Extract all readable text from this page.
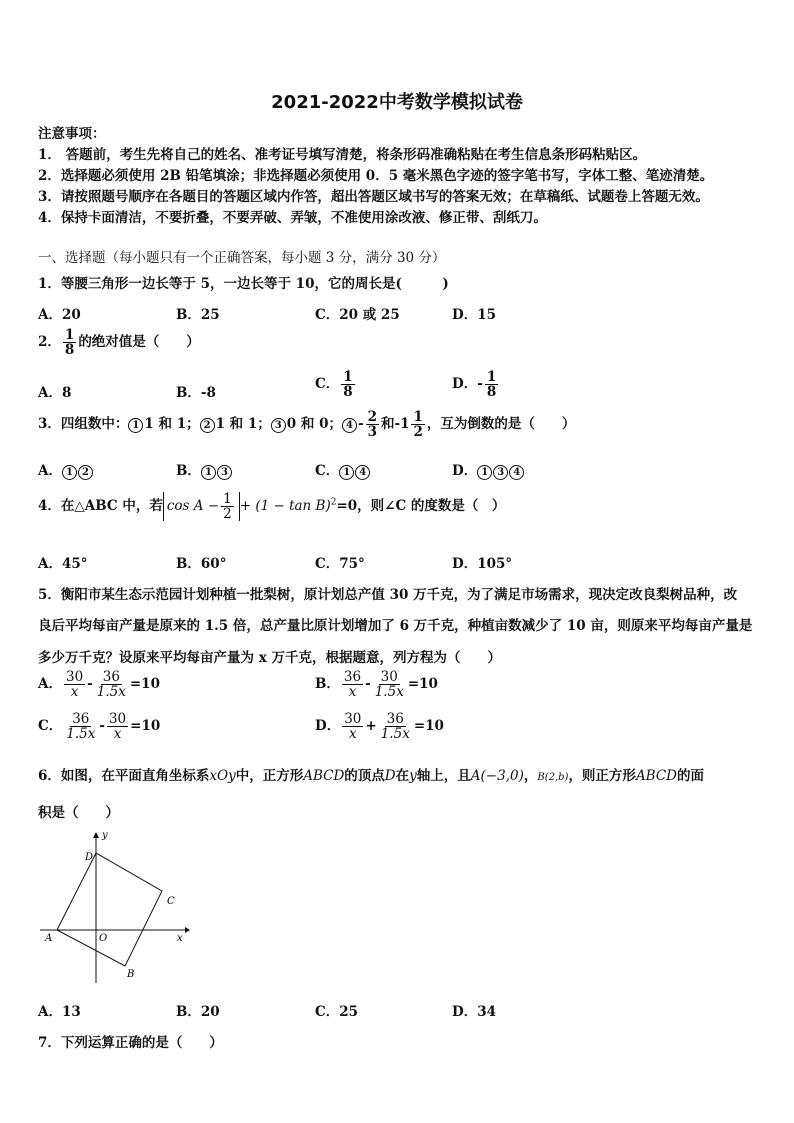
2021-2022中考数学模拟试卷
注意事项：
1． 答题前，考生先将自己的姓名、准考证号填写清楚，将条形码准确粘贴在考生信息条形码粘贴区。
2．选择题必须使用 2B 铅笔填涂；非选择题必须使用 0．5 毫米黑色字迹的签字笔书写，字体工整、笔迹清楚。
3．请按照题号顺序在各题目的答题区域内作答，超出答题区域书写的答案无效；在草稿纸、试题卷上答题无效。
4．保持卡面清洁，不要折叠，不要弄破、弄皱，不准使用涂改液、修正带、刮纸刀。
一、选择题（每小题只有一个正确答案，每小题 3 分，满分 30 分）
1．等腰三角形一边长等于 5，一边长等于 10，它的周长是(　　　)
A．20	B．25	C．20 或 25	D．15
2． $\frac{1}{8}$ 的绝对值是（　　）
A．8	B．-8
C． $\frac{1}{8}$	D．- $\frac{1}{8}$
3．四组数中： 1 1 和 1； 2 1 和 1； 3 0 和 0； $4 - \frac{2}{3}$ 和$-1 \frac{1}{2}$ ，互为倒数的是（　　）
A． 1 2	B． 1 3	C． 1 4	D． 1 3 4
4．在△ABC 中，若 $\cos A - \frac{1}{2} + (1 - \tan B)^2=0$，则∠C 的度数是（　）
A．45°	B．60°	C．75°	D．105°
5．衡阳市某生态示范园计划种植一批梨树，原计划总产值 30 万千克，为了满足市场需求，现决定改良梨树品种，改
良后平均每亩产量是原来的 1.5 倍，总产量比原计划增加了 6 万千克，种植亩数减少了 10 亩，则原来平均每亩产量是
多少万千克？设原来平均每亩产量为 x 万千克，根据题意，列方程为（　　）
A． $\frac{30}{x} - \frac{36}{1.5x} =10$	B． $\frac{36}{x} - \frac{30}{1.5x} =10$
C． $\frac{36}{1.5x} - \frac{30}{x} =10$	D． $\frac{30}{x} + \frac{36}{1.5x} =10$
6．如图，在平面直角坐标系xOy中，正方形ABCD的顶点D在y轴上，且A(−3,0)，B(2,b)，则正方形ABCD的面
积是（　　）
y
x
O
A
B
C
D
A．13	B．20	C．25	D．34
7．下列运算正确的是（　　）
